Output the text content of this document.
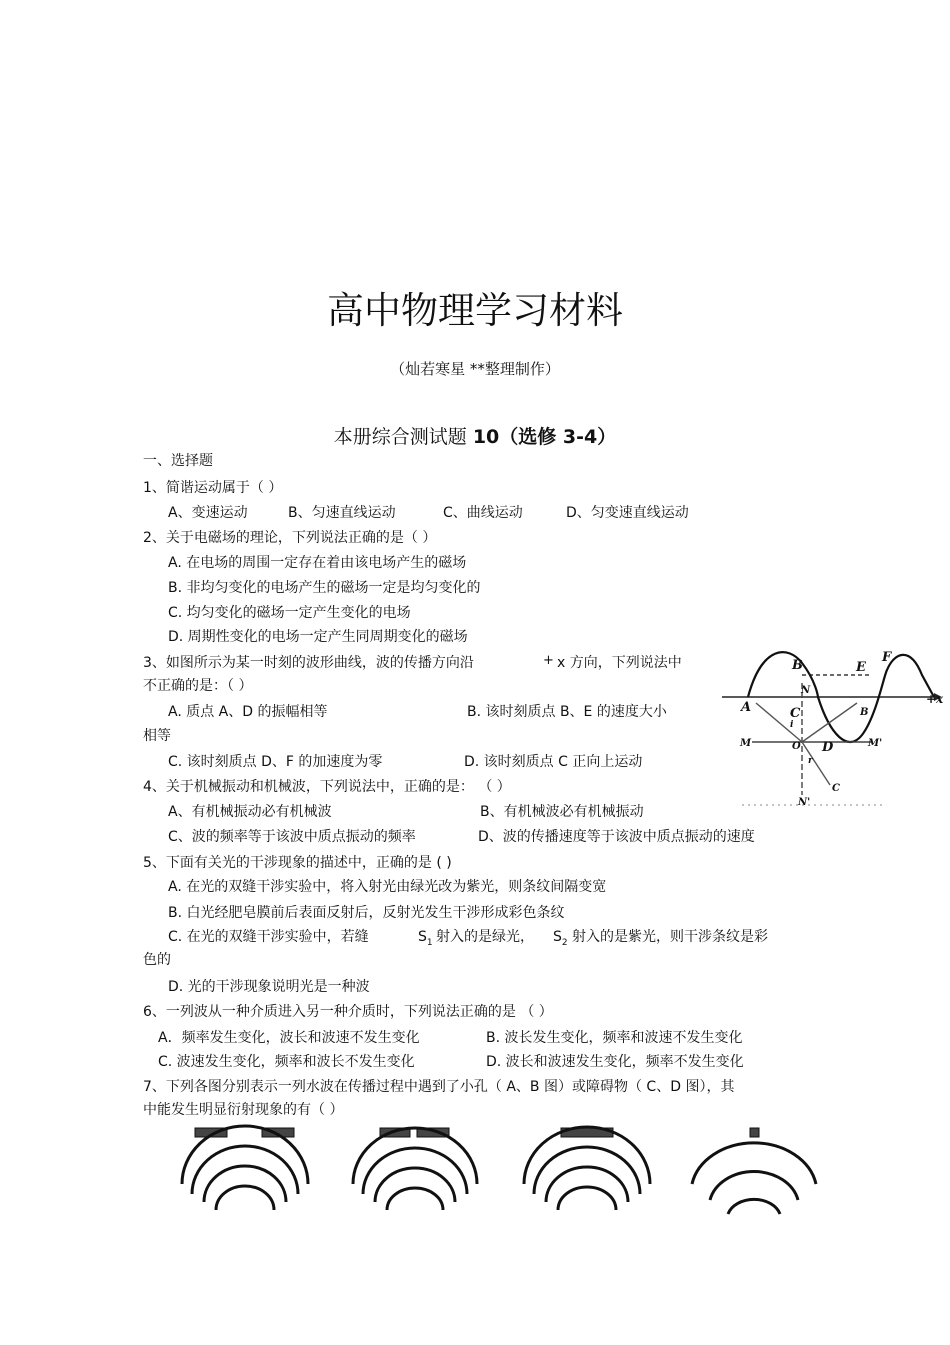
高中物理学习材料
（灿若寒星 **整理制作）
本册综合测试题 10（选修 3-4）
一、选择题
1、简谐运动属于（ ）
A、变速运动	B、匀速直线运动	C、曲线运动	D、匀变速直线运动
2、关于电磁场的理论，下列说法正确的是（ ）
A. 在电场的周围一定存在着由该电场产生的磁场
B. 非均匀变化的电场产生的磁场一定是均匀变化的
C. 均匀变化的磁场一定产生变化的电场
D. 周期性变化的电场一定产生同周期变化的磁场
3、如图所示为某一时刻的波形曲线，波的传播方向沿	+ x 方向，下列说法中
不正确的是：（ ）
A. 质点 A、D 的振幅相等	B. 该时刻质点 B、E 的速度大小
相等
C. 该时刻质点 D、F 的加速度为零	D. 该时刻质点 C 正向上运动
F
B	E
+x
A	C
N
D
M	M'
O
B
C
i
r
N'
4、关于机械振动和机械波，下列说法中，正确的是： （ ）
A、有机械振动必有机械波	B、有机械波必有机械振动
C、波的频率等于该波中质点振动的频率	D、波的传播速度等于该波中质点振动的速度
5、下面有关光的干涉现象的描述中，正确的是 ( )
A. 在光的双缝干涉实验中，将入射光由绿光改为紫光，则条纹间隔变宽
B. 白光经肥皂膜前后表面反射后，反射光发生干涉形成彩色条纹
C. 在光的双缝干涉实验中，若缝	$S_1$ 射入的是绿光， $S_2$ 射入的是紫光，则干涉条纹是彩
色的
D. 光的干涉现象说明光是一种波
6、一列波从一种介质进入另一种介质时，下列说法正确的是 （ ）
A．频率发生变化，波长和波速不发生变化	B. 波长发生变化，频率和波速不发生变化
C. 波速发生变化，频率和波长不发生变化	D. 波长和波速发生变化，频率不发生变化
7、下列各图分别表示一列水波在传播过程中遇到了小孔（ A、B 图）或障碍物（ C、D 图），其
中能发生明显衍射现象的有（ ）
